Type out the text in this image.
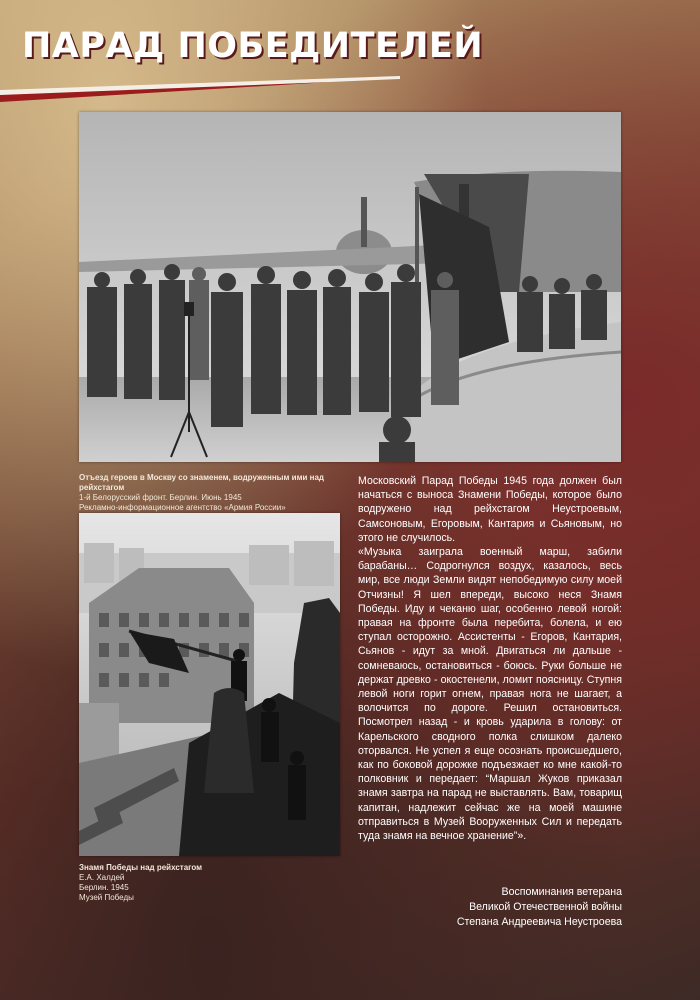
ПАРАД ПОБЕДИТЕЛЕЙ
Отъезд героев в Москву со знаменем, водруженным ими над рейхстагом
1-й Белорусский фронт. Берлин. Июнь 1945
Рекламно-информационное агентство «Армия России»
Знамя Победы над рейхстагом
Е.А. Халдей
Берлин. 1945
Музей Победы

Московский Парад Победы 1945 года должен был начаться с выноса Знамени Победы, которое было водружено над рейхстагом Неустроевым, Самсоновым, Егоровым, Кантария и Сьяновым, но этого не случилось.

«Музыка заиграла военный марш, забили барабаны… Содрогнулся воздух, казалось, весь мир, все люди Земли видят непобедимую силу моей Отчизны! Я шел впереди, высоко неся Знамя Победы. Иду и чеканю шаг, особенно левой ногой: правая на фронте была перебита, болела, и ею ступал осторожно. Ассистенты - Егоров, Кантария, Сьянов - идут за мной. Двигаться ли дальше - сомневаюсь, остановиться - боюсь. Руки больше не держат древко - окостенели, ломит поясницу. Ступня левой ноги горит огнем, правая нога не шагает, а волочится по дороге. Решил остановиться. Посмотрел назад - и кровь ударила в голову: от Карельского сводного полка слишком далеко оторвался. Не успел я еще осознать происшедшего, как по боковой дорожке подъезжает ко мне какой-то полковник и передает: “Маршал Жуков приказал знамя завтра на парад не выставлять. Вам, товарищ капитан, надлежит сейчас же на моей машине отправиться в Музей Вооруженных Сил и передать туда знамя на вечное хранение”».

Воспоминания ветерана
Великой Отечественной войны
Степана Андреевича Неустроева
